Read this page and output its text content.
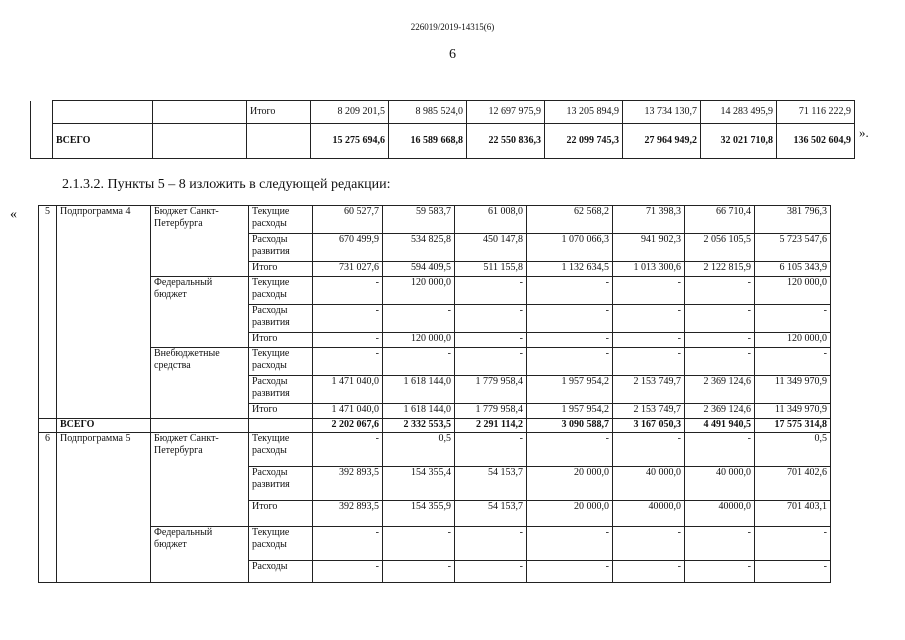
226019/2019-14315(6)
6
			Итого	8 209 201,5	8 985 524,0	12 697 975,9	13 205 894,9	13 734 130,7	14 283 495,9	71 116 222,9
	ВСЕГО			15 275 694,6	16 589 668,8	22 550 836,3	22 099 745,3	27 964 949,2	32 021 710,8	136 502 604,9
».
2.1.3.2. Пункты 5 – 8 изложить в следующей редакции:
«	5	Подпрограмма 4	Бюджет Санкт-Петербурга	Текущие расходы	60 527,7	59 583,7	61 008,0	62 568,2	71 398,3	66 710,4	381 796,3
			Расходы развития	670 499,9	534 825,8	450 147,8	1 070 066,3	941 902,3	2 056 105,5	5 723 547,6
			Итого	731 027,6	594 409,5	511 155,8	1 132 634,5	1 013 300,6	2 122 815,9	6 105 343,9
		Федеральный бюджет	Текущие расходы	-	120 000,0	-	-	-	-	120 000,0
			Расходы развития	-	-	-	-	-	-	-
			Итого	-	120 000,0	-	-	-	-	120 000,0
		Внебюджетные средства	Текущие расходы	-	-	-	-	-	-	-
			Расходы развития	1 471 040,0	1 618 144,0	1 779 958,4	1 957 954,2	2 153 749,7	2 369 124,6	11 349 970,9
			Итого	1 471 040,0	1 618 144,0	1 779 958,4	1 957 954,2	2 153 749,7	2 369 124,6	11 349 970,9
	ВСЕГО			2 202 067,6	2 332 553,5	2 291 114,2	3 090 588,7	3 167 050,3	4 491 940,5	17 575 314,8
6	Подпрограмма 5	Бюджет Санкт-Петербурга	Текущие расходы	-	0,5	-	-	-	-	0,5
			Расходы развития	392 893,5	154 355,4	54 153,7	20 000,0	40 000,0	40 000,0	701 402,6
			Итого	392 893,5	154 355,9	54 153,7	20 000,0	40000,0	40000,0	701 403,1
		Федеральный бюджет	Текущие расходы	-	-	-	-	-	-	-
			Расходы	-	-	-	-	-	-	-
